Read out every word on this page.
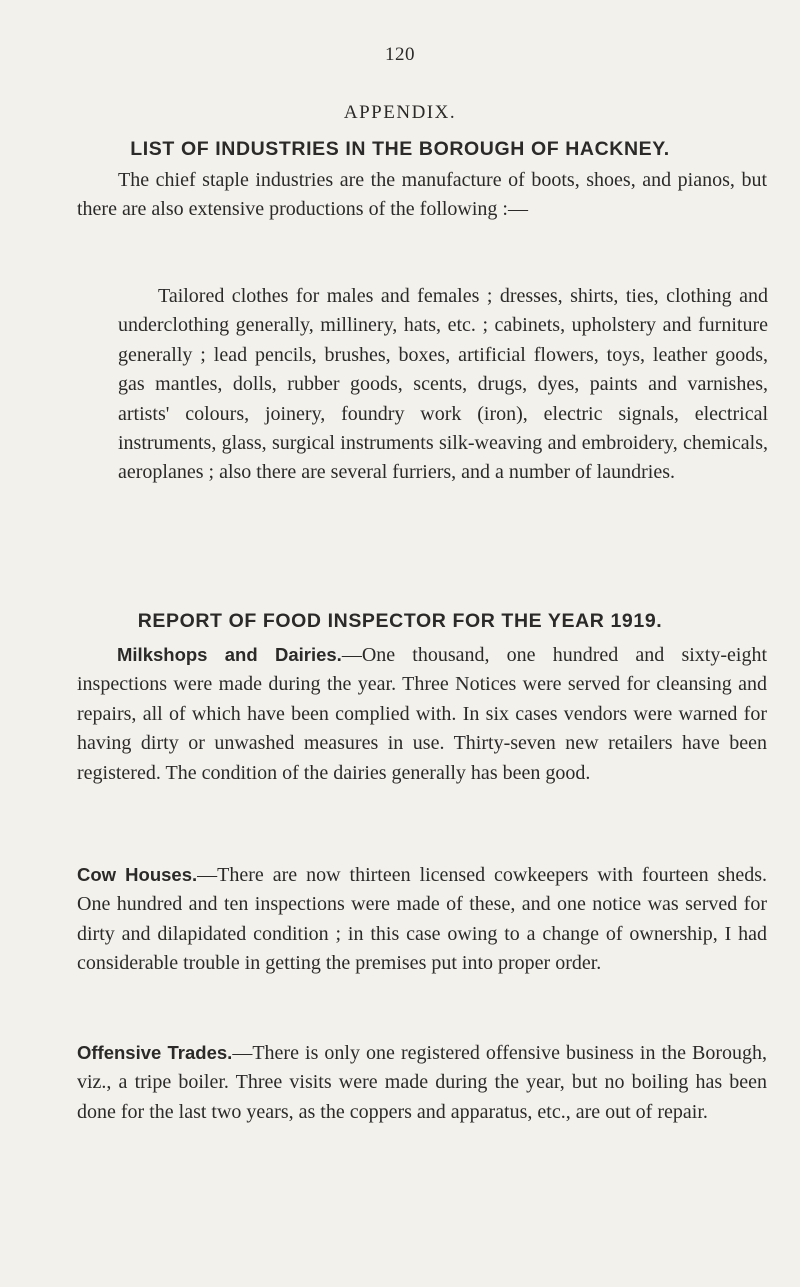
120
APPENDIX.
LIST OF INDUSTRIES IN THE BOROUGH OF HACKNEY.
The chief staple industries are the manufacture of boots, shoes, and pianos, but there are also extensive productions of the following :—
Tailored clothes for males and females ; dresses, shirts, ties, clothing and underclothing generally, millinery, hats, etc. ; cabinets, upholstery and furniture generally ; lead pencils, brushes, boxes, artificial flowers, toys, leather goods, gas mantles, dolls, rubber goods, scents, drugs, dyes, paints and varnishes, artists' colours, joinery, foundry work (iron), electric signals, electrical instruments, glass, surgical instruments silk-weaving and embroidery, chemicals, aeroplanes ; also there are several furriers, and a number of laundries.
REPORT OF FOOD INSPECTOR FOR THE YEAR 1919.
Milkshops and Dairies.—One thousand, one hundred and sixty-eight inspections were made during the year. Three Notices were served for cleansing and repairs, all of which have been complied with. In six cases vendors were warned for having dirty or unwashed measures in use. Thirty-seven new retailers have been registered. The condition of the dairies generally has been good.
Cow Houses.—There are now thirteen licensed cowkeepers with fourteen sheds. One hundred and ten inspections were made of these, and one notice was served for dirty and dilapidated condition ; in this case owing to a change of ownership, I had considerable trouble in getting the premises put into proper order.
Offensive Trades.—There is only one registered offensive business in the Borough, viz., a tripe boiler. Three visits were made during the year, but no boiling has been done for the last two years, as the coppers and apparatus, etc., are out of repair.
